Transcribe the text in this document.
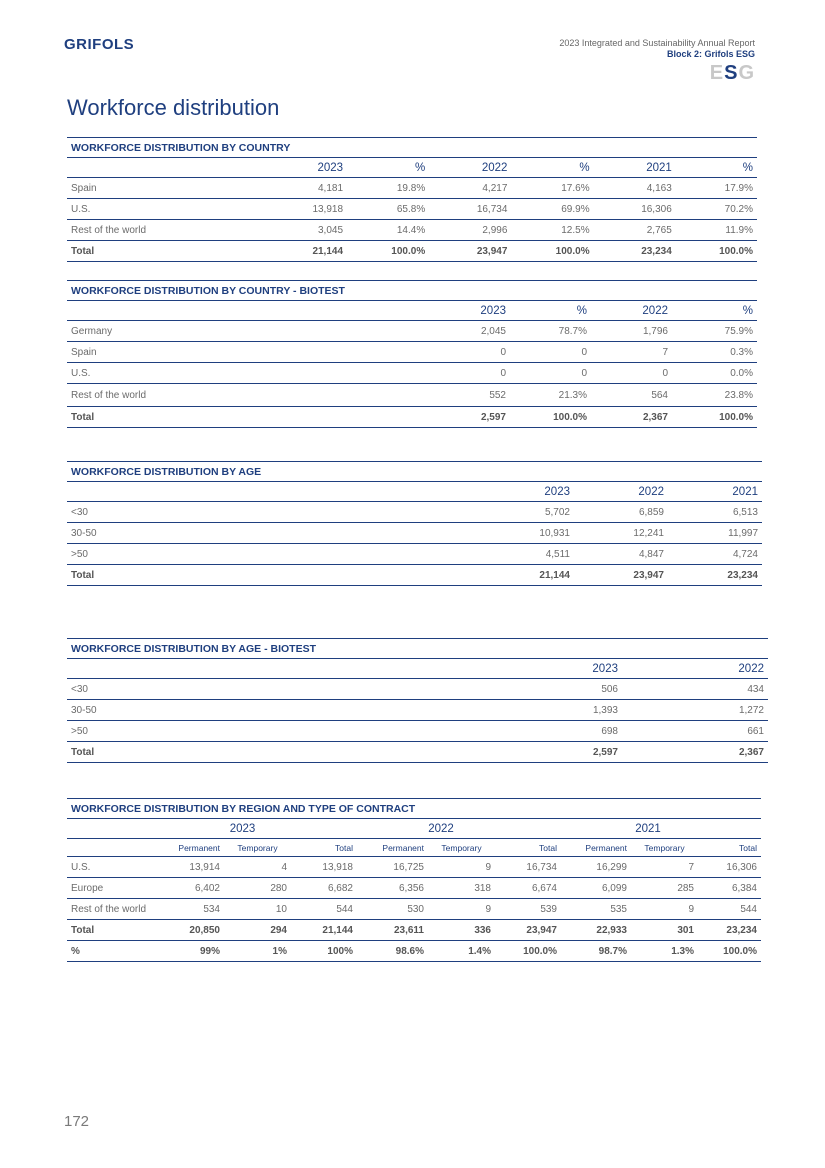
GRIFOLS	2023 Integrated and Sustainability Annual Report
Block 2: Grifols ESG
ESG
Workforce distribution
WORKFORCE DISTRIBUTION BY COUNTRY						
	2023	%	2022	%	2021	%
Spain	4,181	19.8%	4,217	17.6%	4,163	17.9%
U.S.	13,918	65.8%	16,734	69.9%	16,306	70.2%
Rest of the world	3,045	14.4%	2,996	12.5%	2,765	11.9%
Total	21,144	100.0%	23,947	100.0%	23,234	100.0%
WORKFORCE DISTRIBUTION BY COUNTRY - BIOTEST				
	2023	%	2022	%
Germany	2,045	78.7%	1,796	75.9%
Spain	0	0	7	0.3%
U.S.	0	0	0	0.0%
Rest of the world	552	21.3%	564	23.8%
Total	2,597	100.0%	2,367	100.0%
WORKFORCE DISTRIBUTION BY AGE			
	2023	2022	2021
<30	5,702	6,859	6,513
30-50	10,931	12,241	11,997
>50	4,511	4,847	4,724
Total	21,144	23,947	23,234
WORKFORCE DISTRIBUTION BY AGE - BIOTEST		
	2023	2022
<30	506	434
30-50	1,393	1,272
>50	698	661
Total	2,597	2,367
WORKFORCE DISTRIBUTION BY REGION AND TYPE OF CONTRACT									
	2023			2022			2021		
	Permanent	Temporary	Total	Permanent	Temporary	Total	Permanent	Temporary	Total
U.S.	13,914	4	13,918	16,725	9	16,734	16,299	7	16,306
Europe	6,402	280	6,682	6,356	318	6,674	6,099	285	6,384
Rest of the world	534	10	544	530	9	539	535	9	544
Total	20,850	294	21,144	23,611	336	23,947	22,933	301	23,234
%	99%	1%	100%	98.6%	1.4%	100.0%	98.7%	1.3%	100.0%
172
